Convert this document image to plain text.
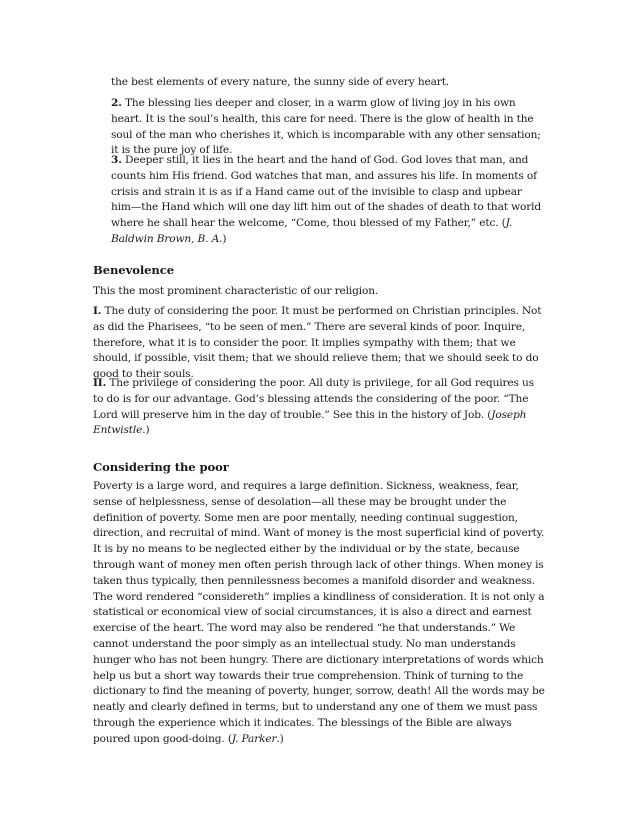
the best elements of every nature, the sunny side of every heart.

2. The blessing lies deeper and closer, in a warm glow of living joy in his own heart. It is the soul’s health, this care for need. There is the glow of health in the soul of the man who cherishes it, which is incomparable with any other sensation; it is the pure joy of life.

3. Deeper still, it lies in the heart and the hand of God. God loves that man, and counts him His friend. God watches that man, and assures his life. In moments of crisis and strain it is as if a Hand came out of the invisible to clasp and upbear him—the Hand which will one day lift him out of the shades of death to that world where he shall hear the welcome, “Come, thou blessed of my Father,” etc. (J. Baldwin Brown, B. A.)

Benevolence

This the most prominent characteristic of our religion.

I. The duty of considering the poor. It must be performed on Christian principles. Not as did the Pharisees, “to be seen of men.” There are several kinds of poor. Inquire, therefore, what it is to consider the poor. It implies sympathy with them; that we should, if possible, visit them; that we should relieve them; that we should seek to do good to their souls.

II. The privilege of considering the poor. All duty is privilege, for all God requires us to do is for our advantage. God’s blessing attends the considering of the poor. “The Lord will preserve him in the day of trouble.” See this in the history of Job. (Joseph Entwistle.)

Considering the poor

Poverty is a large word, and requires a large definition. Sickness, weakness, fear, sense of helplessness, sense of desolation—all these may be brought under the definition of poverty. Some men are poor mentally, needing continual suggestion, direction, and recruital of mind. Want of money is the most superficial kind of poverty. It is by no means to be neglected either by the individual or by the state, because through want of money men often perish through lack of other things. When money is taken thus typically, then pennilessness becomes a manifold disorder and weakness. The word rendered “considereth” implies a kindliness of consideration. It is not only a statistical or economical view of social circumstances, it is also a direct and earnest exercise of the heart. The word may also be rendered “he that understands.” We cannot understand the poor simply as an intellectual study. No man understands hunger who has not been hungry. There are dictionary interpretations of words which help us but a short way towards their true comprehension. Think of turning to the dictionary to find the meaning of poverty, hunger, sorrow, death! All the words may be neatly and clearly defined in terms, but to understand any one of them we must pass through the experience which it indicates. The blessings of the Bible are always poured upon good-doing. (J. Parker.)
